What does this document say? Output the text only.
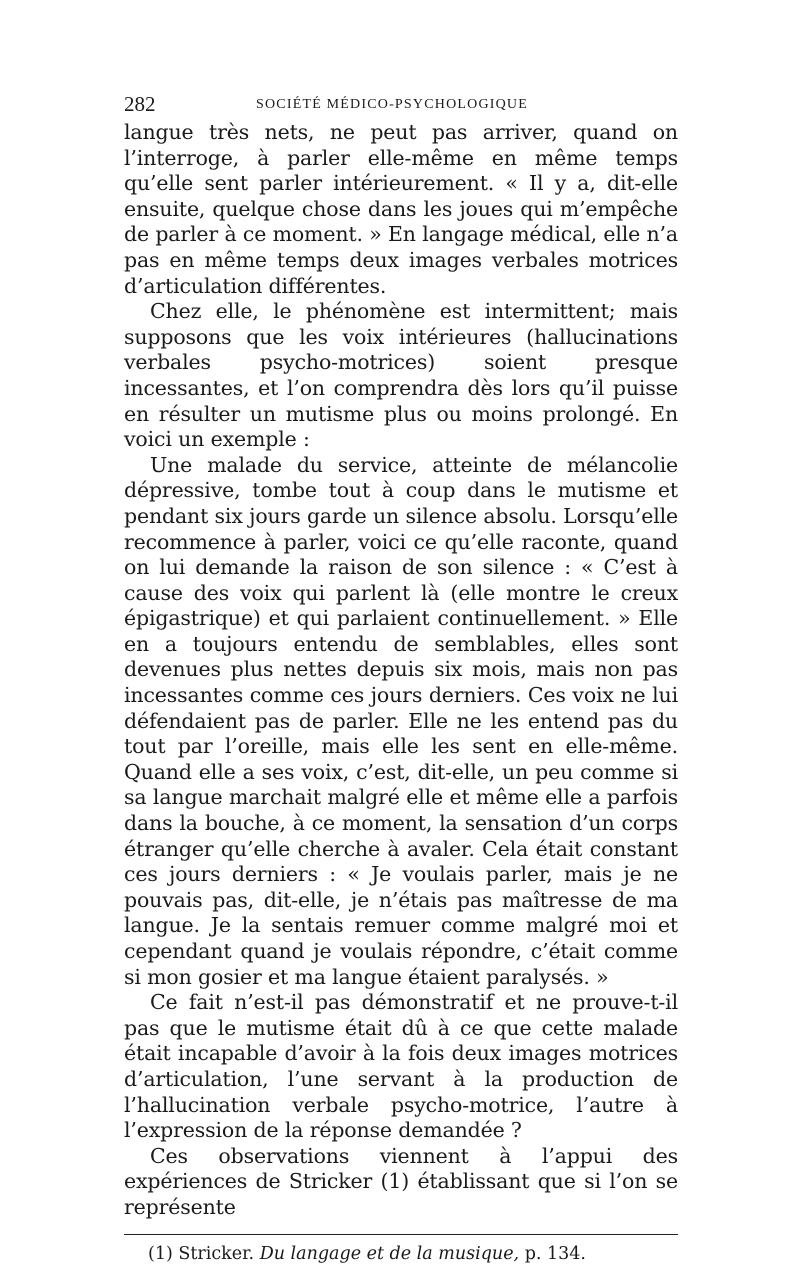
282	SOCIÉTÉ MÉDICO-PSYCHOLOGIQUE

langue très nets, ne peut pas arriver, quand on l’interroge, à parler elle-même en même temps qu’elle sent parler intérieurement. « Il y a, dit-elle ensuite, quelque chose dans les joues qui m’empêche de parler à ce moment. » En langage médical, elle n’a pas en même temps deux images verbales motrices d’articulation différentes.

Chez elle, le phénomène est intermittent; mais supposons que les voix intérieures (hallucinations verbales psycho-motrices) soient presque incessantes, et l’on comprendra dès lors qu’il puisse en résulter un mutisme plus ou moins prolongé. En voici un exemple :

Une malade du service, atteinte de mélancolie dépressive, tombe tout à coup dans le mutisme et pendant six jours garde un silence absolu. Lorsqu’elle recommence à parler, voici ce qu’elle raconte, quand on lui demande la raison de son silence : « C’est à cause des voix qui parlent là (elle montre le creux épigastrique) et qui parlaient continuellement. » Elle en a toujours entendu de semblables, elles sont devenues plus nettes depuis six mois, mais non pas incessantes comme ces jours derniers. Ces voix ne lui défendaient pas de parler. Elle ne les entend pas du tout par l’oreille, mais elle les sent en elle-même. Quand elle a ses voix, c’est, dit-elle, un peu comme si sa langue marchait malgré elle et même elle a parfois dans la bouche, à ce moment, la sensation d’un corps étranger qu’elle cherche à avaler. Cela était constant ces jours derniers : « Je voulais parler, mais je ne pouvais pas, dit-elle, je n’étais pas maîtresse de ma langue. Je la sentais remuer comme malgré moi et cependant quand je voulais répondre, c’était comme si mon gosier et ma langue étaient paralysés. »

Ce fait n’est-il pas démonstratif et ne prouve-t-il pas que le mutisme était dû à ce que cette malade était incapable d’avoir à la fois deux images motrices d’articulation, l’une servant à la production de l’hallucination verbale psycho-motrice, l’autre à l’expression de la réponse demandée ?

Ces observations viennent à l’appui des expériences de Stricker (1) établissant que si l’on se représente

(1) Stricker. Du langage et de la musique, p. 134.
